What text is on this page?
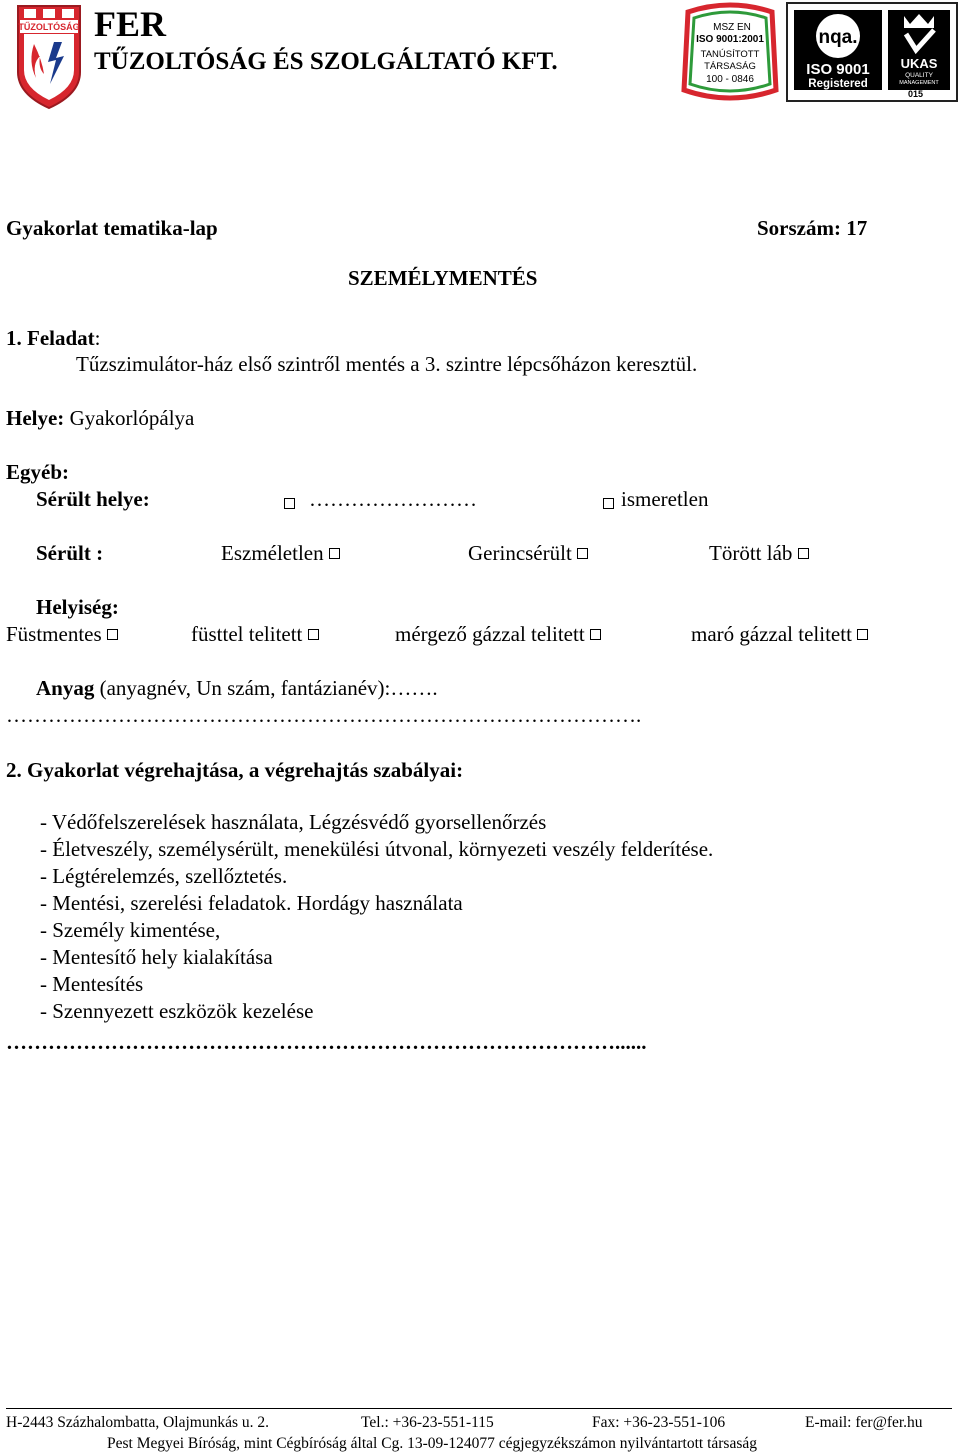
TŰZOLTÓSÁG FER
TŰZOLTÓSÁG ÉS SZOLGÁLTATÓ KFT.
MSZ EN
ISO 9001:2001
TANÚSÍTOTT
TÁRSASÁG
100 - 0846
nqa.
ISO 9001
Registered
UKAS
QUALITY
MANAGEMENT
015
Gyakorlat tematika-lap	Sorszám: 17
SZEMÉLYMENTÉS
1. Feladat:
Tűzszimulátor-ház első szintről mentés a 3. szintre lépcsőházon keresztül.
Helye: Gyakorlópálya
Egyéb:
Sérült helye:	……………………	ismeretlen
Sérült :	Eszméletlen	Gerincsérült	Törött láb
Helyiség:
Füstmentes	füsttel telitett	mérgező gázzal telitett	maró gázzal telitett
Anyag (anyagnév, Un szám, fantázianév):…….
……………………………………………………………………………….
2. Gyakorlat végrehajtása, a végrehajtás szabályai:
- Védőfelszerelések használata, Légzésvédő gyorsellenőrzés
- Életveszély, személysérült, menekülési útvonal, környezeti veszély felderítése.
- Légtérelemzés, szellőztetés.
- Mentési, szerelési feladatok. Hordágy használata
- Személy kimentése,
- Mentesítő hely kialakítása
- Mentesítés
- Szennyezett eszközök kezelése
……………………………………………………………………………......
H-2443 Százhalombatta, Olajmunkás u. 2.	Tel.: +36-23-551-115	Fax: +36-23-551-106	E-mail: fer@fer.hu
Pest Megyei Bíróság, mint Cégbíróság által Cg. 13-09-124077 cégjegyzékszámon nyilvántartott társaság
